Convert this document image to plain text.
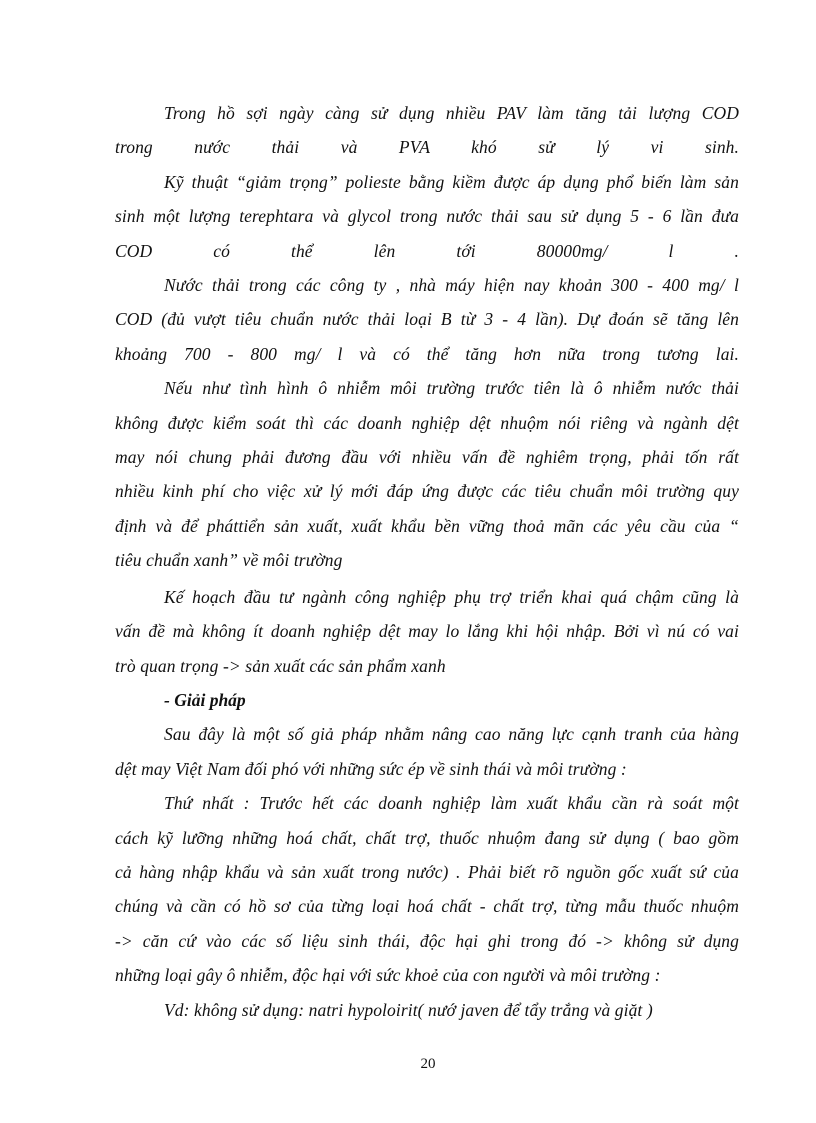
Trong hồ sợi ngày càng sử dụng nhiều PAV làm tăng tải lượng COD
trong nước thải và PVA khó sử lý vi sinh.

Kỹ thuật “giảm trọng” polieste bằng kiềm được áp dụng phổ biến làm sản
sinh một lượng terephtara và glycol trong nước thải sau sử dụng 5 - 6 lần đưa
COD có thể lên tới 80000mg/ l .

Nước thải trong các công ty , nhà máy hiện nay khoản 300 - 400 mg/ l
COD (đủ vượt tiêu chuẩn nước thải loại B từ 3 - 4 lần). Dự đoán sẽ tăng lên
khoảng 700 - 800 mg/ l và có thể tăng hơn nữa trong tương lai.

Nếu như tình hình ô nhiễm môi trường trước tiên là ô nhiễm nước thải
không được kiểm soát thì các doanh nghiệp dệt nhuộm nói riêng và ngành dệt
may nói chung phải đương đầu với nhiều vấn đề nghiêm trọng, phải tốn rất
nhiều kinh phí cho việc xử lý mới đáp ứng được các tiêu chuẩn môi trường quy
định và để pháttiển sản xuất, xuất khẩu bền vững thoả mãn các yêu cầu của “
tiêu chuẩn xanh” về môi trường

Kế hoạch đầu tư ngành công nghiệp phụ trợ triển khai quá chậm cũng là
vấn đề mà không ít doanh nghiệp dệt may lo lắng khi hội nhập. Bởi vì nú có vai
trò quan trọng -> sản xuất các sản phẩm xanh

- Giải pháp

Sau đây là một số giả pháp nhằm nâng cao năng lực cạnh tranh của hàng
dệt may Việt Nam đối phó với những sức ép về sinh thái và môi trường :

Thứ nhất : Trước hết các doanh nghiệp làm xuất khẩu cần rà soát một
cách kỹ lưỡng những hoá chất, chất trợ, thuốc nhuộm đang sử dụng ( bao gồm
cả hàng nhập khẩu và sản xuất trong nước) . Phải biết rõ nguồn gốc xuất sứ của
chúng và cần có hồ sơ của từng loại hoá chất - chất trợ, từng mẫu thuốc nhuộm
-> căn cứ vào các số liệu sinh thái, độc hại ghi trong đó -> không sử dụng
những loại gây ô nhiễm, độc hại với sức khoẻ của con người và môi trường :

Vd: không sử dụng: natri hypoloirit( nướ javen để tẩy trắng và giặt )

20
